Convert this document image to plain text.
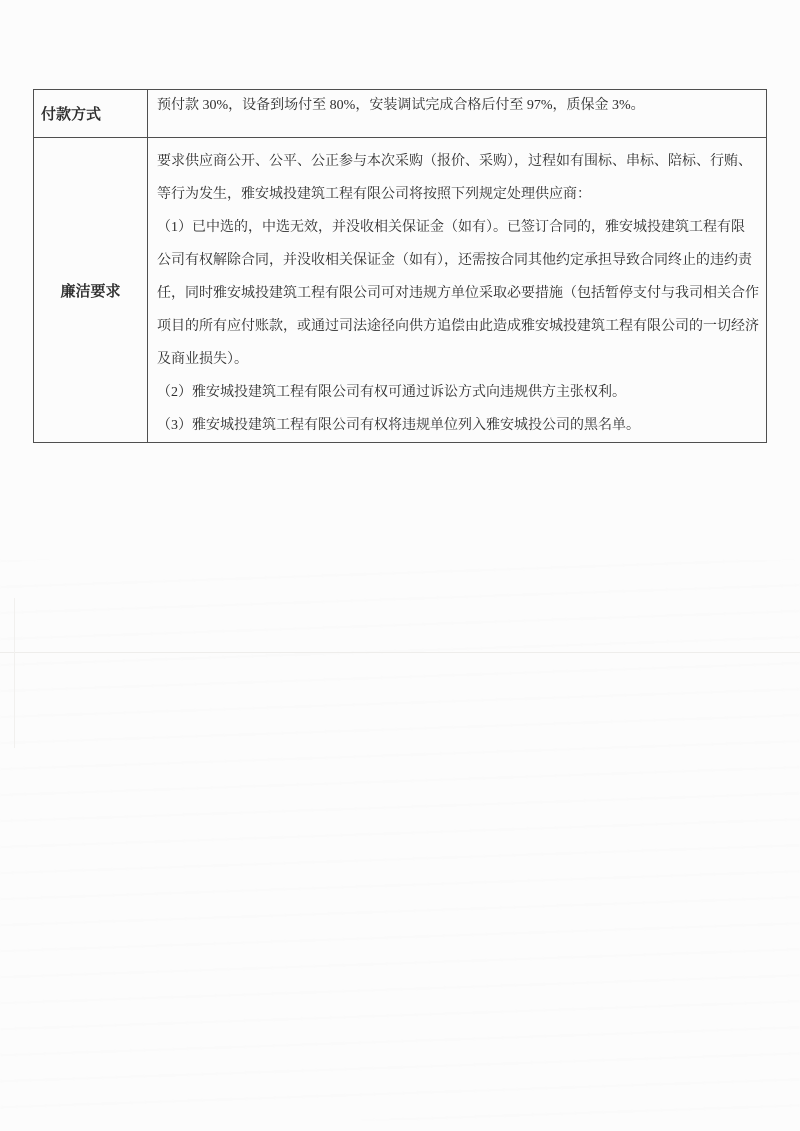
付款方式
预付款 30%，设备到场付至 80%，安装调试完成合格后付至 97%，质保金 3%。
廉洁要求
要求供应商公开、公平、公正参与本次采购（报价、采购），过程如有围标、串标、陪标、行贿、
等行为发生，雅安城投建筑工程有限公司将按照下列规定处理供应商：
（1）已中选的，中选无效，并没收相关保证金（如有）。已签订合同的，雅安城投建筑工程有限
公司有权解除合同，并没收相关保证金（如有），还需按合同其他约定承担导致合同终止的违约责
任，同时雅安城投建筑工程有限公司可对违规方单位采取必要措施（包括暂停支付与我司相关合作
项目的所有应付账款，或通过司法途径向供方追偿由此造成雅安城投建筑工程有限公司的一切经济
及商业损失）。
（2）雅安城投建筑工程有限公司有权可通过诉讼方式向违规供方主张权利。
（3）雅安城投建筑工程有限公司有权将违规单位列入雅安城投公司的黑名单。
